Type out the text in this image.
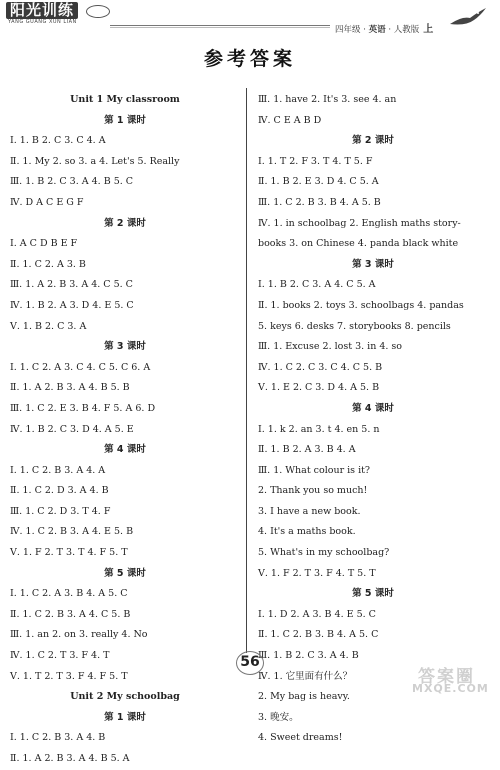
阳光训练
YANG GUANG XUN LIAN
四年级 · 英语 · 人教版 上
参考答案
Unit 1 My classroom
第 1 课时
Ⅰ. 1. B 2. C 3. C 4. A
Ⅱ. 1. My 2. so 3. a 4. Let's 5. Really
Ⅲ. 1. B 2. C 3. A 4. B 5. C
Ⅳ. D A C E G F
第 2 课时
Ⅰ. A C D B E F
Ⅱ. 1. C 2. A 3. B
Ⅲ. 1. A 2. B 3. A 4. C 5. C
Ⅳ. 1. B 2. A 3. D 4. E 5. C
Ⅴ. 1. B 2. C 3. A
第 3 课时
Ⅰ. 1. C 2. A 3. C 4. C 5. C 6. A
Ⅱ. 1. A 2. B 3. A 4. B 5. B
Ⅲ. 1. C 2. E 3. B 4. F 5. A 6. D
Ⅳ. 1. B 2. C 3. D 4. A 5. E
第 4 课时
Ⅰ. 1. C 2. B 3. A 4. A
Ⅱ. 1. C 2. D 3. A 4. B
Ⅲ. 1. C 2. D 3. T 4. F
Ⅳ. 1. C 2. B 3. A 4. E 5. B
Ⅴ. 1. F 2. T 3. T 4. F 5. T
第 5 课时
Ⅰ. 1. C 2. A 3. B 4. A 5. C
Ⅱ. 1. C 2. B 3. A 4. C 5. B
Ⅲ. 1. an 2. on 3. really 4. No
Ⅳ. 1. C 2. T 3. F 4. T
Ⅴ. 1. T 2. T 3. F 4. F 5. T
Unit 2 My schoolbag
第 1 课时
Ⅰ. 1. C 2. B 3. A 4. B
Ⅱ. 1. A 2. B 3. A 4. B 5. A
Ⅲ. 1. have 2. It's 3. see 4. an
Ⅳ. C E A B D
第 2 课时
Ⅰ. 1. T 2. F 3. T 4. T 5. F
Ⅱ. 1. B 2. E 3. D 4. C 5. A
Ⅲ. 1. C 2. B 3. B 4. A 5. B
Ⅳ. 1. in schoolbag 2. English maths story-
books 3. on Chinese 4. panda black white
第 3 课时
Ⅰ. 1. B 2. C 3. A 4. C 5. A
Ⅱ. 1. books 2. toys 3. schoolbags 4. pandas
5. keys 6. desks 7. storybooks 8. pencils
Ⅲ. 1. Excuse 2. lost 3. in 4. so
Ⅳ. 1. C 2. C 3. C 4. C 5. B
Ⅴ. 1. E 2. C 3. D 4. A 5. B
第 4 课时
Ⅰ. 1. k 2. an 3. t 4. en 5. n
Ⅱ. 1. B 2. A 3. B 4. A
Ⅲ. 1. What colour is it?
2. Thank you so much!
3. I have a new book.
4. It's a maths book.
5. What's in my schoolbag?
Ⅴ. 1. F 2. T 3. F 4. T 5. T
第 5 课时
Ⅰ. 1. D 2. A 3. B 4. E 5. C
Ⅱ. 1. C 2. B 3. B 4. A 5. C
Ⅲ. 1. B 2. C 3. A 4. B
Ⅳ. 1. 它里面有什么？
2. My bag is heavy.
3. 晚安。
4. Sweet dreams!
56
答案圈
MXQE.COM
